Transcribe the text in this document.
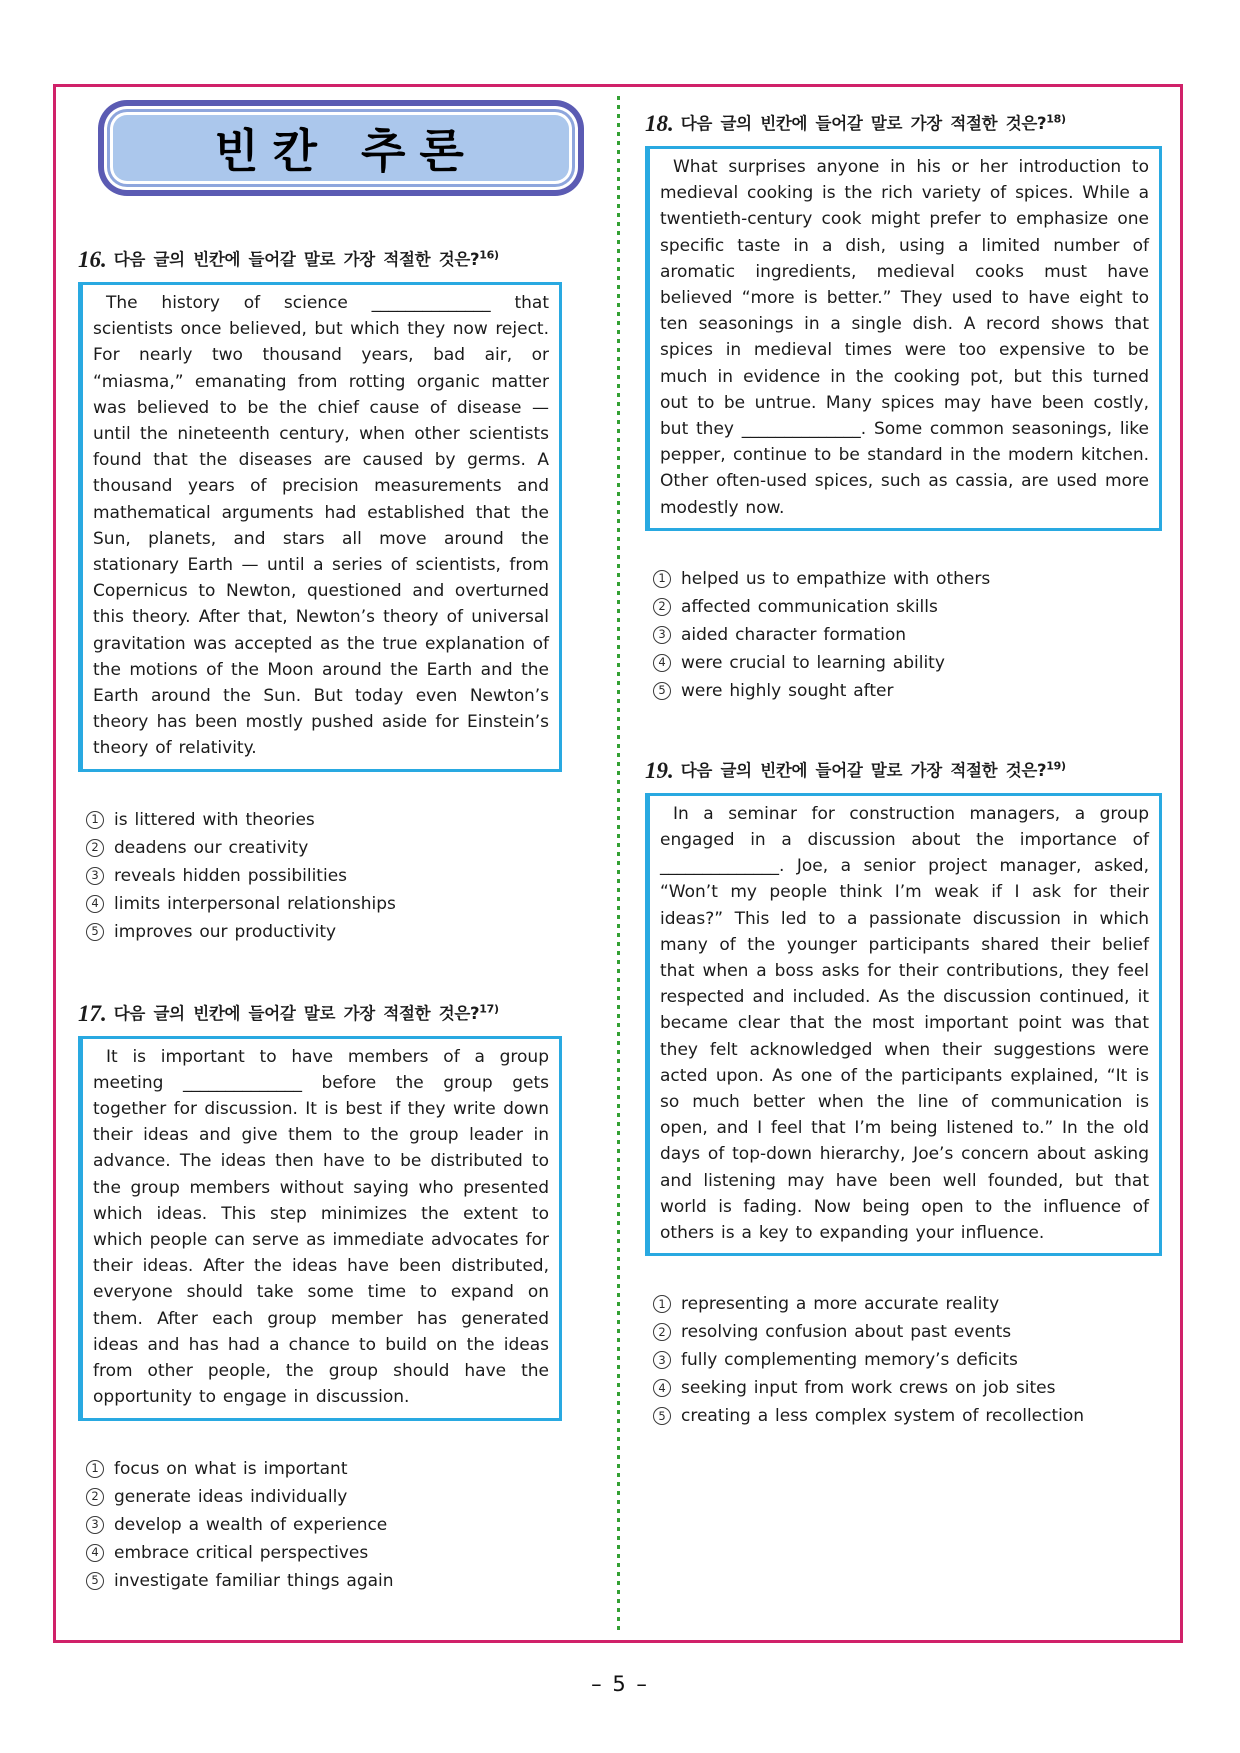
빈칸 추론
16. 다음 글의 빈칸에 들어갈 말로 가장 적절한 것은?$^{16)}$

The history of science ______________ that scientists once believed, but which they now reject. For nearly two thousand years, bad air, or “miasma,” emanating from rotting organic matter was believed to be the chief cause of disease — until the nineteenth century, when other scientists found that the diseases are caused by germs. A thousand years of precision measurements and mathematical arguments had established that the Sun, planets, and stars all move around the stationary Earth — until a series of scientists, from Copernicus to Newton, questioned and overturned this theory. After that, Newton’s theory of universal gravitation was accepted as the true explanation of the motions of the Moon around the Earth and the Earth around the Sun. But today even Newton’s theory has been mostly pushed aside for Einstein’s theory of relativity.

1 is littered with theories
2 deadens our creativity
3 reveals hidden possibilities
4 limits interpersonal relationships
5 improves our productivity
17. 다음 글의 빈칸에 들어갈 말로 가장 적절한 것은?$^{17)}$

It is important to have members of a group meeting ______________ before the group gets together for discussion. It is best if they write down their ideas and give them to the group leader in advance. The ideas then have to be distributed to the group members without saying who presented which ideas. This step minimizes the extent to which people can serve as immediate advocates for their ideas. After the ideas have been distributed, everyone should take some time to expand on them. After each group member has generated ideas and has had a chance to build on the ideas from other people, the group should have the opportunity to engage in discussion.

1 focus on what is important
2 generate ideas individually
3 develop a wealth of experience
4 embrace critical perspectives
5 investigate familiar things again
18. 다음 글의 빈칸에 들어갈 말로 가장 적절한 것은?$^{18)}$

What surprises anyone in his or her introduction to medieval cooking is the rich variety of spices. While a twentieth-century cook might prefer to emphasize one specific taste in a dish, using a limited number of aromatic ingredients, medieval cooks must have believed “more is better.” They used to have eight to ten seasonings in a single dish. A record shows that spices in medieval times were too expensive to be much in evidence in the cooking pot, but this turned out to be untrue. Many spices may have been costly, but they ______________. Some common seasonings, like pepper, continue to be standard in the modern kitchen. Other often-used spices, such as cassia, are used more modestly now.

1 helped us to empathize with others
2 affected communication skills
3 aided character formation
4 were crucial to learning ability
5 were highly sought after
19. 다음 글의 빈칸에 들어갈 말로 가장 적절한 것은?$^{19)}$

In a seminar for construction managers, a group engaged in a discussion about the importance of ______________. Joe, a senior project manager, asked, “Won’t my people think I’m weak if I ask for their ideas?” This led to a passionate discussion in which many of the younger participants shared their belief that when a boss asks for their contributions, they feel respected and included. As the discussion continued, it became clear that the most important point was that they felt acknowledged when their suggestions were acted upon. As one of the participants explained, “It is so much better when the line of communication is open, and I feel that I’m being listened to.” In the old days of top-down hierarchy, Joe’s concern about asking and listening may have been well founded, but that world is fading. Now being open to the influence of others is a key to expanding your influence.

1 representing a more accurate reality
2 resolving confusion about past events
3 fully complementing memory’s deficits
4 seeking input from work crews on job sites
5 creating a less complex system of recollection
– 5 –
